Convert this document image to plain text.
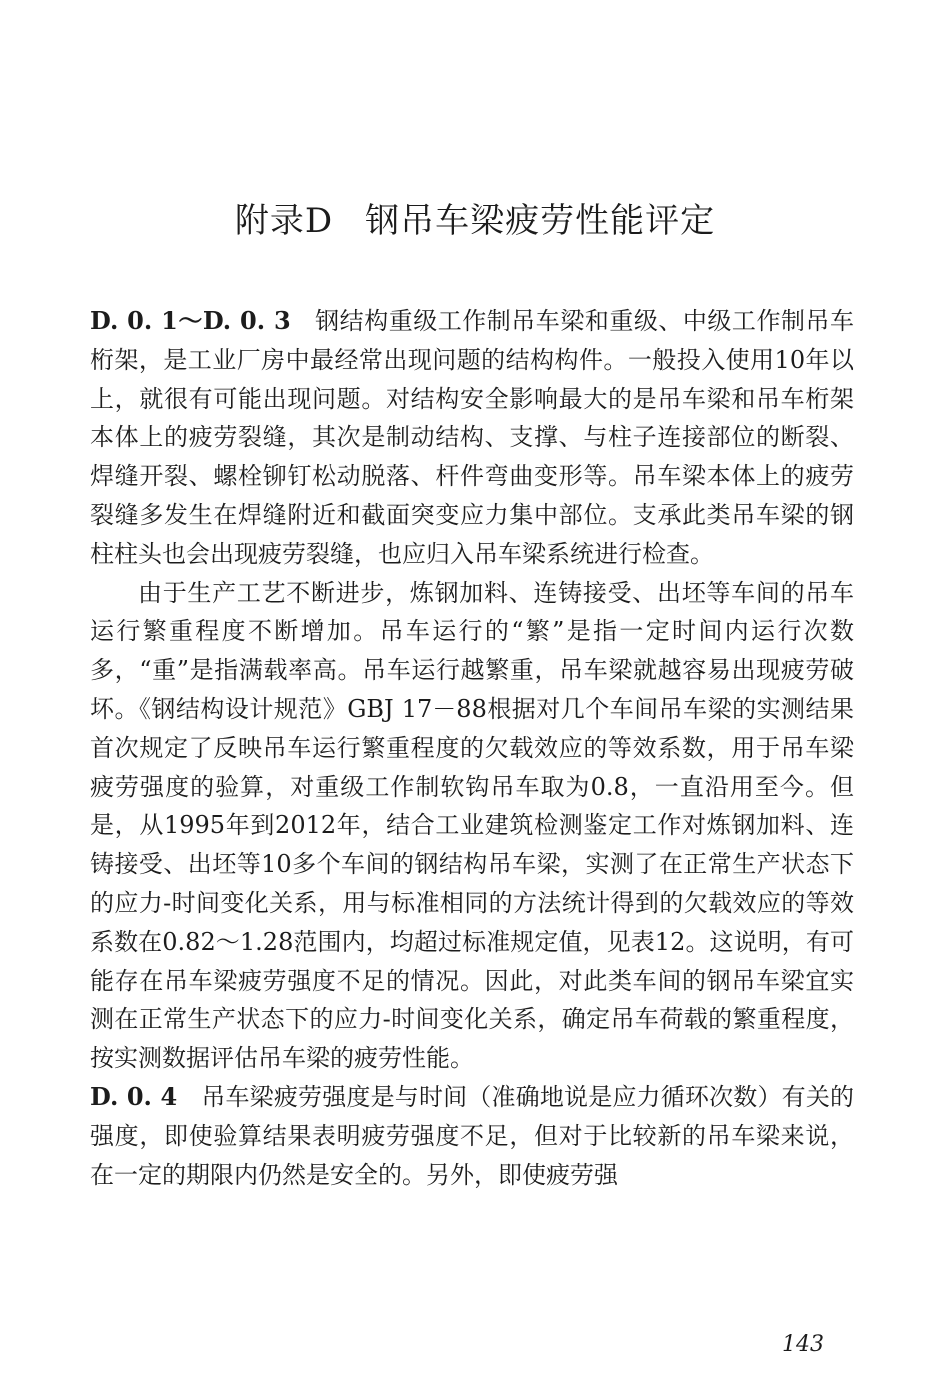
附录D 钢吊车梁疲劳性能评定

D. 0. 1～D. 0. 3 钢结构重级工作制吊车梁和重级、中级工作制吊车桁架，是工业厂房中最经常出现问题的结构构件。一般投入使用10年以上，就很有可能出现问题。对结构安全影响最大的是吊车梁和吊车桁架本体上的疲劳裂缝，其次是制动结构、支撑、与柱子连接部位的断裂、焊缝开裂、螺栓铆钉松动脱落、杆件弯曲变形等。吊车梁本体上的疲劳裂缝多发生在焊缝附近和截面突变应力集中部位。支承此类吊车梁的钢柱柱头也会出现疲劳裂缝，也应归入吊车梁系统进行检查。

由于生产工艺不断进步，炼钢加料、连铸接受、出坯等车间的吊车运行繁重程度不断增加。吊车运行的“繁”是指一定时间内运行次数多，“重”是指满载率高。吊车运行越繁重，吊车梁就越容易出现疲劳破坏。《钢结构设计规范》GBJ 17－88根据对几个车间吊车梁的实测结果首次规定了反映吊车运行繁重程度的欠载效应的等效系数，用于吊车梁疲劳强度的验算，对重级工作制软钩吊车取为0.8，一直沿用至今。但是，从1995年到2012年，结合工业建筑检测鉴定工作对炼钢加料、连铸接受、出坯等10多个车间的钢结构吊车梁，实测了在正常生产状态下的应力-时间变化关系，用与标准相同的方法统计得到的欠载效应的等效系数在0.82～1.28范围内，均超过标准规定值，见表12。这说明，有可能存在吊车梁疲劳强度不足的情况。因此，对此类车间的钢吊车梁宜实测在正常生产状态下的应力-时间变化关系，确定吊车荷载的繁重程度，按实测数据评估吊车梁的疲劳性能。

D. 0. 4 吊车梁疲劳强度是与时间（准确地说是应力循环次数）有关的强度，即使验算结果表明疲劳强度不足，但对于比较新的吊车梁来说，在一定的期限内仍然是安全的。另外，即使疲劳强

143
